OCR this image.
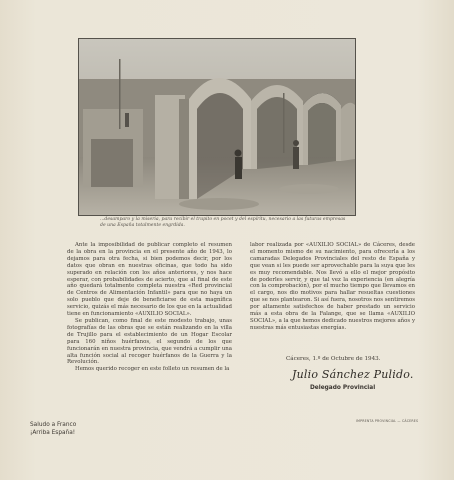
...desamparo y la miseria, para recibir el trapito en pocet y del espíritu, necesario a las futuras empresas de una España totalmente engrdida.

Ante la imposibilidad de publicar completo el resumen de la obra en la provincia en el presente año de 1943, lo dejamos para otra fecha, si bien podemos decir, por los datos que obran en nuestras oficinas, que todo ha sido superado en relación con los años anteriores, y nos hace esperar, con probabilidades de acierto, que al final de este año quedará totalmente completa nuestra «Red provincial de Centros de Alimentación Infantil» para que no haya un solo pueblo que deje de beneficiarse de esta magnífica servicio, quizás el más necesario de los que en la actualidad tiene en funcionamiento «AUXILIO SOCIAL».

Se publican, como final de este modesto trabajo, unas fotografías de las obras que se están realizando en la villa de Trujillo para el establecimiento de un Hogar Escolar para 160 niños huérfanos, el segundo de los que funcionarán en nuestra provincia, que vendrá a cumplir una alta función social al recoger huérfanos de la Guerra y la Revolución.

Hemos querido recoger en este folleto un resumen de la

labor realizada por «AUXILIO SOCIAL» de Cáceres, desde el momento mismo de su nacimiento, para ofrecerla a los camaradas Delegados Provinciales del resto de España y que vean si les puede ser aprovechable para la suya que les es muy recomendable. Nos llevó a ello el mejor propósito de poderles servir, y que tal vez la experiencia (en alegría con la comprobación), por el mucho tiempo que llevamos en el cargo, nos dio motivos para hallar resueltas cuestiones que se nos plantearon. Si así fuera, nosotros nos sentiremos por altamente satisfechos de haber prestado un servicio más a esta obra de la Falange, que se llama «AUXILIO SOCIAL», a la que hemos dedicado nuestros mejores años y nuestras más entusiastas energías.

Cáceres, 1.º de Octubre de 1943.
Julio Sánchez Pulido.
Delegado Provincial
Saludo a Franco
¡Arriba España!
IMPRENTA PROVINCIAL — CÁCERES
